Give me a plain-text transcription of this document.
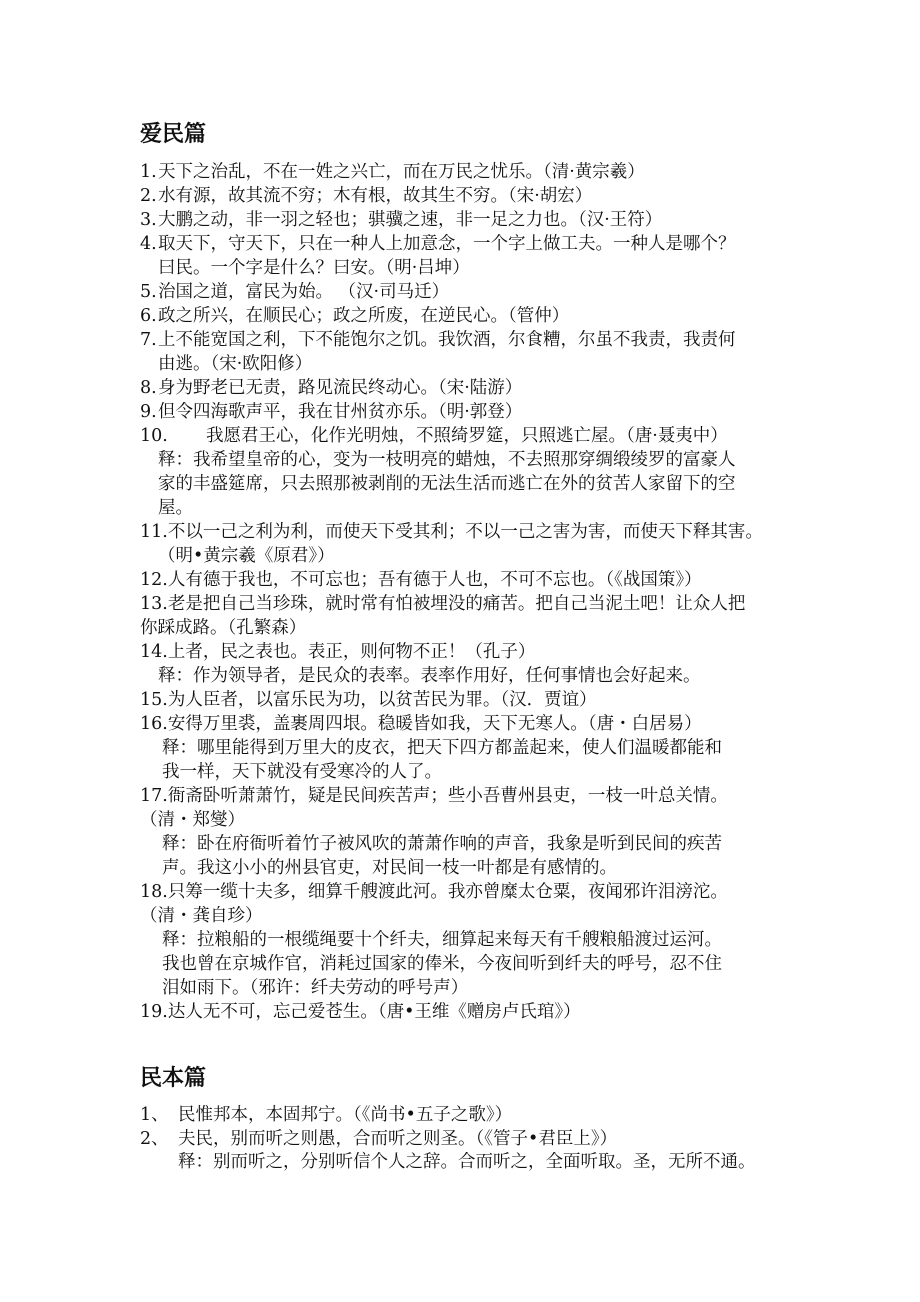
爱民篇
1.天下之治乱，不在一姓之兴亡，而在万民之忧乐。（清·黄宗羲）
2.水有源，故其流不穷；木有根，故其生不穷。（宋·胡宏）
3.大鹏之动，非一羽之轻也；骐骥之速，非一足之力也。（汉·王符）
4.取天下，守天下，只在一种人上加意念，一个字上做工夫。一种人是哪个？
曰民。一个字是什么？曰安。（明·吕坤）
5.治国之道，富民为始。 （汉·司马迁）
6.政之所兴，在顺民心；政之所废，在逆民心。（管仲）
7.上不能宽国之利，下不能饱尔之饥。我饮酒，尔食糟，尔虽不我责，我责何
由逃。（宋·欧阳修）
8.身为野老已无责，路见流民终动心。（宋·陆游）
9.但令四海歌声平，我在甘州贫亦乐。（明·郭登）
10. 我愿君王心，化作光明烛，不照绮罗筵，只照逃亡屋。（唐·聂夷中）
释：我希望皇帝的心，变为一枝明亮的蜡烛，不去照那穿绸缎绫罗的富豪人
家的丰盛筵席，只去照那被剥削的无法生活而逃亡在外的贫苦人家留下的空
屋。
11.不以一己之利为利，而使天下受其利；不以一己之害为害，而使天下释其害。
（明•黄宗羲《原君》）
12.人有德于我也，不可忘也；吾有德于人也，不可不忘也。（《战国策》）
13.老是把自己当珍珠，就时常有怕被埋没的痛苦。把自己当泥土吧！让众人把
你踩成路。（孔繁森）
14.上者，民之表也。表正，则何物不正！（孔子）
释：作为领导者，是民众的表率。表率作用好，任何事情也会好起来。
15.为人臣者，以富乐民为功，以贫苦民为罪。（汉．贾谊）
16.安得万里裘，盖裹周四垠。稳暖皆如我，天下无寒人。（唐・白居易）
释：哪里能得到万里大的皮衣，把天下四方都盖起来，使人们温暖都能和
我一样，天下就没有受寒冷的人了。
17.衙斋卧听萧萧竹，疑是民间疾苦声；些小吾曹州县吏，一枝一叶总关情。
（清・郑燮）
释：卧在府衙听着竹子被风吹的萧萧作响的声音，我象是听到民间的疾苦
声。我这小小的州县官吏，对民间一枝一叶都是有感情的。
18.只筹一缆十夫多，细算千艘渡此河。我亦曾糜太仓粟，夜闻邪许泪滂沱。
（清・龚自珍）
释：拉粮船的一根缆绳要十个纤夫，细算起来每天有千艘粮船渡过运河。
我也曾在京城作官，消耗过国家的俸米，今夜间听到纤夫的呼号，忍不住
泪如雨下。（邪许：纤夫劳动的呼号声）
19.达人无不可，忘己爱苍生。（唐•王维《赠房卢氏琯》）
民本篇
1、 民惟邦本，本固邦宁。（《尚书•五子之歌》）
2、 夫民，别而听之则愚，合而听之则圣。（《管子•君臣上》）
释：别而听之，分别听信个人之辞。合而听之，全面听取。圣，无所不通。
